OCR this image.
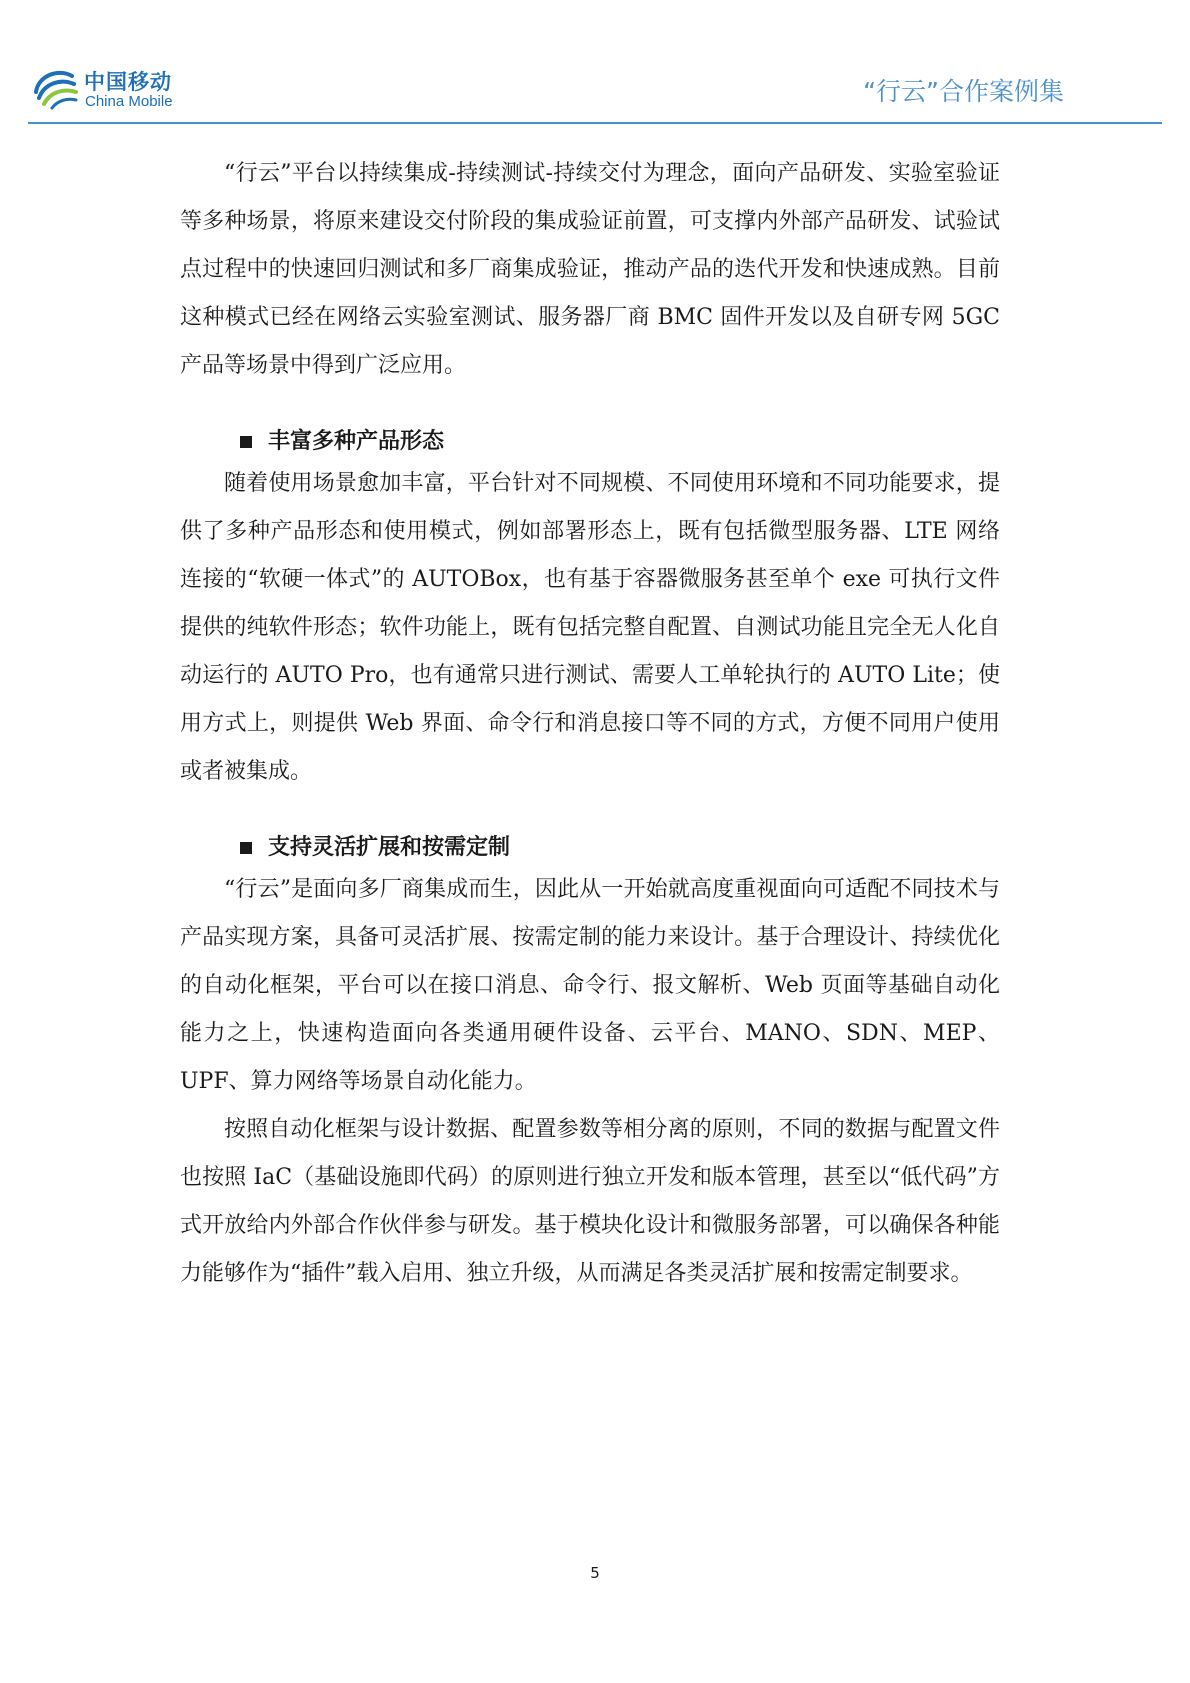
中国移动
China Mobile	“行云”合作案例集

“行云”平台以持续集成-持续测试-持续交付为理念，面向产品研发、实验室验证等多种场景，将原来建设交付阶段的集成验证前置，可支撑内外部产品研发、试验试点过程中的快速回归测试和多厂商集成验证，推动产品的迭代开发和快速成熟。目前这种模式已经在网络云实验室测试、服务器厂商 BMC 固件开发以及自研专网 5GC 产品等场景中得到广泛应用。

丰富多种产品形态

随着使用场景愈加丰富，平台针对不同规模、不同使用环境和不同功能要求，提供了多种产品形态和使用模式，例如部署形态上，既有包括微型服务器、LTE 网络连接的“软硬一体式”的 AUTOBox，也有基于容器微服务甚至单个 exe 可执行文件提供的纯软件形态；软件功能上，既有包括完整自配置、自测试功能且完全无人化自动运行的 AUTO Pro，也有通常只进行测试、需要人工单轮执行的 AUTO Lite；使用方式上，则提供 Web 界面、命令行和消息接口等不同的方式，方便不同用户使用或者被集成。

支持灵活扩展和按需定制

“行云”是面向多厂商集成而生，因此从一开始就高度重视面向可适配不同技术与产品实现方案，具备可灵活扩展、按需定制的能力来设计。基于合理设计、持续优化的自动化框架，平台可以在接口消息、命令行、报文解析、Web 页面等基础自动化能力之上，快速构造面向各类通用硬件设备、云平台、MANO、SDN、MEP、UPF、算力网络等场景自动化能力。

按照自动化框架与设计数据、配置参数等相分离的原则，不同的数据与配置文件也按照 IaC（基础设施即代码）的原则进行独立开发和版本管理，甚至以“低代码”方式开放给内外部合作伙伴参与研发。基于模块化设计和微服务部署，可以确保各种能力能够作为“插件”载入启用、独立升级，从而满足各类灵活扩展和按需定制要求。

5
